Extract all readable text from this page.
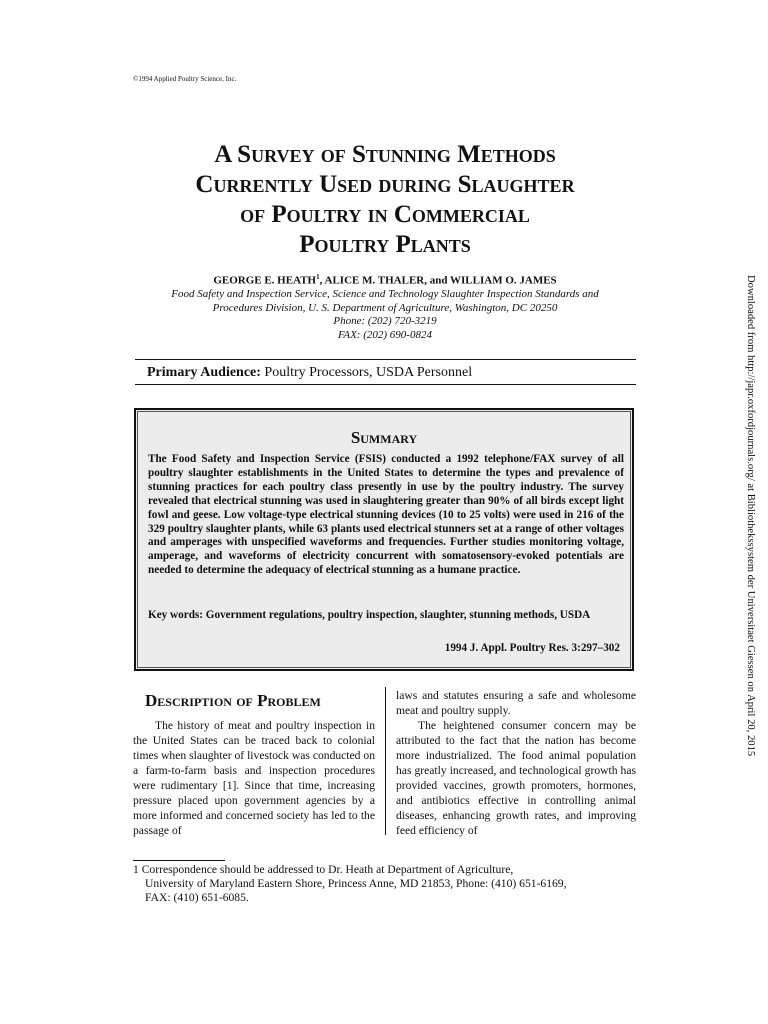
©1994 Applied Poultry Science, Inc.
A Survey of Stunning Methods
Currently Used during Slaughter
of Poultry in Commercial
Poultry Plants
GEORGE E. HEATH$^1$, ALICE M. THALER, and WILLIAM O. JAMES
Food Safety and Inspection Service, Science and Technology Slaughter Inspection Standards and
Procedures Division, U. S. Department of Agriculture, Washington, DC 20250
Phone: (202) 720-3219
FAX: (202) 690-0824
Primary Audience: Poultry Processors, USDA Personnel
Summary
The Food Safety and Inspection Service (FSIS) conducted a 1992 telephone/FAX survey of all poultry slaughter establishments in the United States to determine the types and prevalence of stunning practices for each poultry class presently in use by the poultry industry. The survey revealed that electrical stunning was used in slaughtering greater than 90% of all birds except light fowl and geese. Low voltage-type electrical stunning devices (10 to 25 volts) were used in 216 of the 329 poultry slaughter plants, while 63 plants used electrical stunners set at a range of other voltages and amperages with unspecified waveforms and frequencies. Further studies monitoring voltage, amperage, and waveforms of electricity concurrent with somatosensory-evoked potentials are needed to determine the adequacy of electrical stunning as a humane practice.
Key words: Government regulations, poultry inspection, slaughter, stunning methods, USDA
1994 J. Appl. Poultry Res. 3:297–302
Description of Problem

The history of meat and poultry inspection in the United States can be traced back to colonial times when slaughter of livestock was conducted on a farm-to-farm basis and inspection procedures were rudimentary [1]. Since that time, increasing pressure placed upon government agencies by a more informed and concerned society has led to the passage of

laws and statutes ensuring a safe and wholesome meat and poultry supply.

The heightened consumer concern may be attributed to the fact that the nation has become more industrialized. The food animal population has greatly increased, and technological growth has provided vaccines, growth promoters, hormones, and antibiotics effective in controlling animal diseases, enhancing growth rates, and improving feed efficiency of

1 Correspondence should be addressed to Dr. Heath at Department of Agriculture,
University of Maryland Eastern Shore, Princess Anne, MD 21853, Phone: (410) 651-6169,
FAX: (410) 651-6085.
Downloaded from http://japr.oxfordjournals.org/ at Bibliothekssystem der Universitaet Giessen on April 20, 2015
